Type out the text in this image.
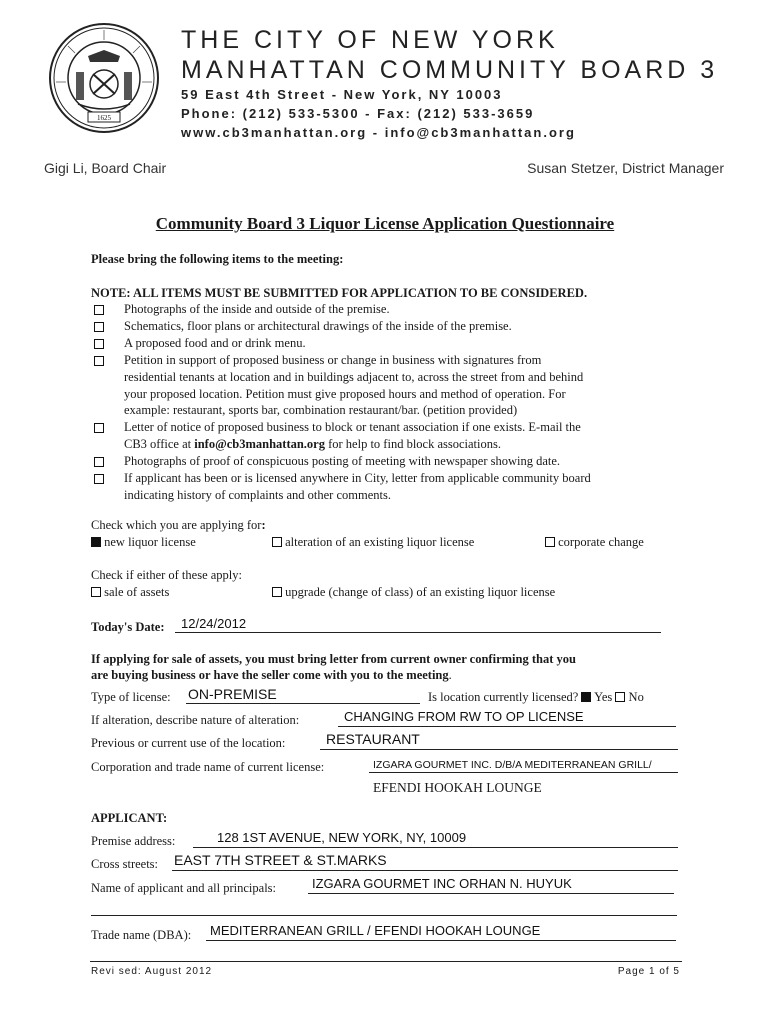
1625
THE CITY OF NEW YORK
MANHATTAN COMMUNITY BOARD 3
59 East 4th Street - New York, NY 10003
Phone: (212) 533-5300 - Fax: (212) 533-3659
www.cb3manhattan.org - info@cb3manhattan.org
Gigi Li, Board Chair	Susan Stetzer, District Manager
Community Board 3 Liquor License Application Questionnaire
Please bring the following items to the meeting:
NOTE: ALL ITEMS MUST BE SUBMITTED FOR APPLICATION TO BE CONSIDERED.
Photographs of the inside and outside of the premise.
Schematics, floor plans or architectural drawings of the inside of the premise.
A proposed food and or drink menu.
Petition in support of proposed business or change in business with signatures from
residential tenants at location and in buildings adjacent to, across the street from and behind
your proposed location. Petition must give proposed hours and method of operation. For
example: restaurant, sports bar, combination restaurant/bar. (petition provided)
Letter of notice of proposed business to block or tenant association if one exists. E-mail the
CB3 office at info@cb3manhattan.org for help to find block associations.
Photographs of proof of conspicuous posting of meeting with newspaper showing date.
If applicant has been or is licensed anywhere in City, letter from applicable community board
indicating history of complaints and other comments.
Check which you are applying for:
new liquor license	alteration of an existing liquor license	corporate change
Check if either of these apply:
sale of assets	upgrade (change of class) of an existing liquor license
Today's Date:	12/24/2012
If applying for sale of assets, you must bring letter from current owner confirming that you
are buying business or have the seller come with you to the meeting.
Type of license: ON-PREMISE	Is location currently licensed? Yes No
If alteration, describe nature of alteration:	CHANGING FROM RW TO OP LICENSE
Previous or current use of the location:	RESTAURANT
Corporation and trade name of current license:	IZGARA GOURMET INC. D/B/A MEDITERRANEAN GRILL/
EFENDI HOOKAH LOUNGE
APPLICANT:
Premise address:	128 1ST AVENUE, NEW YORK, NY, 10009
Cross streets: EAST 7TH STREET & ST.MARKS
Name of applicant and all principals:	IZGARA GOURMET INC ORHAN N. HUYUK
Trade name (DBA):	MEDITERRANEAN GRILL / EFENDI HOOKAH LOUNGE
Revi sed: August 2012	Page 1 of 5
